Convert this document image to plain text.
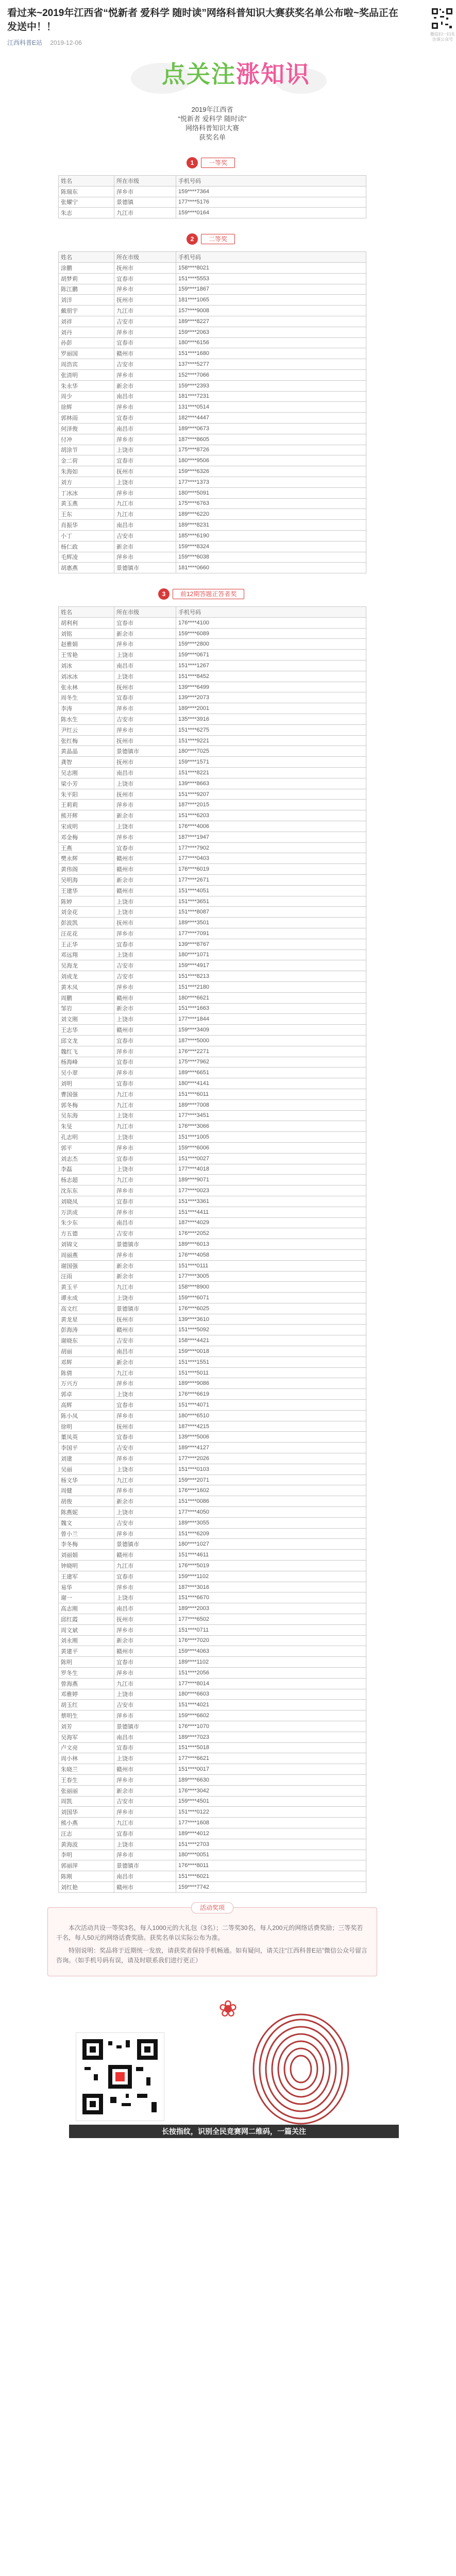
微信扫一扫关注该公众号
看过来~2019年江西省“悦新者 爱科学 随时读”网络科普知识大赛获奖名单公布啦~奖品正在发送中！！
江西科普E站 2019-12-06
点关注涨知识
2019年江西省
“悦新者 爱科学 随时读”
网络科普知识大赛
获奖名单
1	一等奖
姓名	所在市级	手机号码
陈瑞东	萍乡市	159****7364
张耀宁	景德镇	177****5176
朱志	九江市	159****0164
2	二等奖
姓名	所在市级	手机号码
涂鹏	抚州市	158****8021
胡梦莉	宜春市	151****5553
陈江鹏	萍乡市	159****1867
刘洋	抚州市	181****1065
戴朋宇	九江市	157****9008
刘祥	吉安市	189****8227
刘丹	萍乡市	159****2063
孙彭	宜春市	180****6156
罗丽国	赣州市	151****1680
周浩宾	吉安市	137****5277
张清明	萍乡市	152****7066
朱永华	新余市	159****2393
周少	南昌市	181****7231
徐辉	萍乡市	131****0514
郭林雨	宜春市	182****4447
何泽俊	南昌市	189****0673
付冲	萍乡市	187****8605
胡涂节	上饶市	175****8726
金二荷	宜春市	180****9506
朱海如	抚州市	159****6326
刘方	上饶市	177****1373
丁冰冰	萍乡市	180****5091
黄玉燕	九江市	175****6763
王东	九江市	189****6220
肖振华	南昌市	189****8231
小丁	吉安市	185****6190
杨仁政	新余市	159****8324
毛辉凌	萍乡市	159****6038
胡惠燕	景德镇市	181****0660
3	前12期答题正答者奖
姓名	所在市级	手机号码
胡利利	宜春市	176****4100
刘铭	新余市	159****6089
赵雅娟	萍乡市	159****2800
王雪艳	上饶市	159****0671
刘冰	南昌市	151****1267
刘冰冰	上饶市	151****8452
张永林	抚州市	139****6499
周冬生	宜春市	139****2073
李涛	萍乡市	189****2001
陈水生	吉安市	135****3916
尹红云	萍乡市	151****6275
张红梅	抚州市	151****9221
黄晶晶	景德镇市	180****7025
龚智	抚州市	159****1571
吴志刚	南昌市	151****8221
梁小芳	上饶市	139****8663
朱平阳	抚州市	151****9207
王莉莉	萍乡市	187****2015
熊开辉	新余市	151****6203
宋成明	上饶市	176****4006
邓金梅	萍乡市	187****1947
王燕	宜春市	177****7902
樊永辉	赣州市	177****0403
黄伟阁	赣州市	176****6019
吴明海	新余市	177****2671
王建华	赣州市	151****4051
陈婷	上饶市	151****3651
刘金花	上饶市	151****8087
彭波凯	抚州市	189****3501
汪花花	萍乡市	177****7091
王正华	宜春市	139****8767
邓远翔	上饶市	180****1071
吴海龙	吉安市	159****4917
刘成龙	吉安市	151****8213
黄木凤	萍乡市	151****2180
周鹏	赣州市	180****6621
邹岩	新余市	151****1663
刘文刚	上饶市	177****1844
王志华	赣州市	159****3409
邱文龙	宜春市	187****5000
魏红飞	萍乡市	176****2271
杨海峰	宜春市	175****7962
吴小翠	萍乡市	189****6651
刘明	宜春市	180****4141
曹国强	九江市	151****6011
郭冬梅	九江市	189****7008
吴东海	上饶市	177****3451
朱旻	九江市	176****3066
孔志明	上饶市	151****1005
郭平	萍乡市	159****6006
刘志杰	宜春市	151****0027
李磊	上饶市	177****4018
杨志超	九江市	189****9071
沈东东	萍乡市	177****0023
刘晓凤	宜春市	151****3361
万洪成	萍乡市	151****4411
朱少东	南昌市	187****4029
方五德	吉安市	176****2052
刘锦文	景德镇市	189****6013
周丽燕	萍乡市	176****4058
谢国强	新余市	151****0111
汪雨	新余市	177****3005
黄玉平	九江市	158****8900
谭永成	上饶市	159****6071
高文红	景德镇市	176****6025
黄龙星	抚州市	139****3610
彭海涛	赣州市	151****5092
谢晓东	吉安市	158****4421
胡丽	南昌市	159****0018
邓辉	新余市	151****1551
陈倩	九江市	151****5011
万兴方	萍乡市	189****9086
郭卓	上饶市	176****6619
高辉	宜春市	151****4071
陈小凤	萍乡市	180****6510
徐明	抚州市	187****4215
董凤英	宜春市	139****5006
李国平	吉安市	189****4127
刘建	萍乡市	177****2026
吴丽	上饶市	151****0103
杨文华	九江市	159****2071
周健	萍乡市	176****1602
胡俊	新余市	151****0086
陈燕妮	上饶市	177****4050
魏文	吉安市	189****3055
曾小兰	萍乡市	151****6209
李冬梅	景德镇市	180****1027
刘丽娟	赣州市	151****4611
钟晓明	九江市	176****5019
王建军	宜春市	159****1102
易华	萍乡市	187****3016
谢一	上饶市	151****6670
高志刚	南昌市	189****2003
邱红霞	抚州市	177****6502
周文斌	萍乡市	151****0711
刘永刚	新余市	176****7020
黄建平	赣州市	159****4063
陈明	宜春市	189****1102
罗冬生	萍乡市	151****2056
曾海燕	九江市	177****8014
邓雅婷	上饶市	180****6603
胡玉红	吉安市	151****4021
蔡明生	萍乡市	159****6602
刘芳	景德镇市	176****1070
吴海军	南昌市	189****7023
卢文亮	宜春市	151****5018
周小林	上饶市	177****6621
朱晓兰	赣州市	151****0017
王春生	萍乡市	189****6630
张丽丽	新余市	176****3042
周凯	吉安市	159****4501
刘国华	萍乡市	151****0122
熊小燕	九江市	177****1608
汪志	宜春市	189****4012
黄海波	上饶市	151****2703
李明	萍乡市	180****0051
郭丽萍	景德镇市	176****8011
陈刚	南昌市	151****6021
刘红艳	赣州市	159****7742
活动奖项

本次活动共设一等奖3名，每人1000元的大礼包（3名）；二等奖30名，每人200元的网络话费奖励；三等奖若干名，每人50元的网络话费奖励。获奖名单以实际公布为准。

特别说明：奖品将于近期统一发放，请获奖者保持手机畅通。如有疑问，请关注“江西科普E站”微信公众号留言咨询。（如手机号码有误，请及时联系我们进行更正）

❀
长按指纹，识别全民竞赛网二维码，一篇关注
